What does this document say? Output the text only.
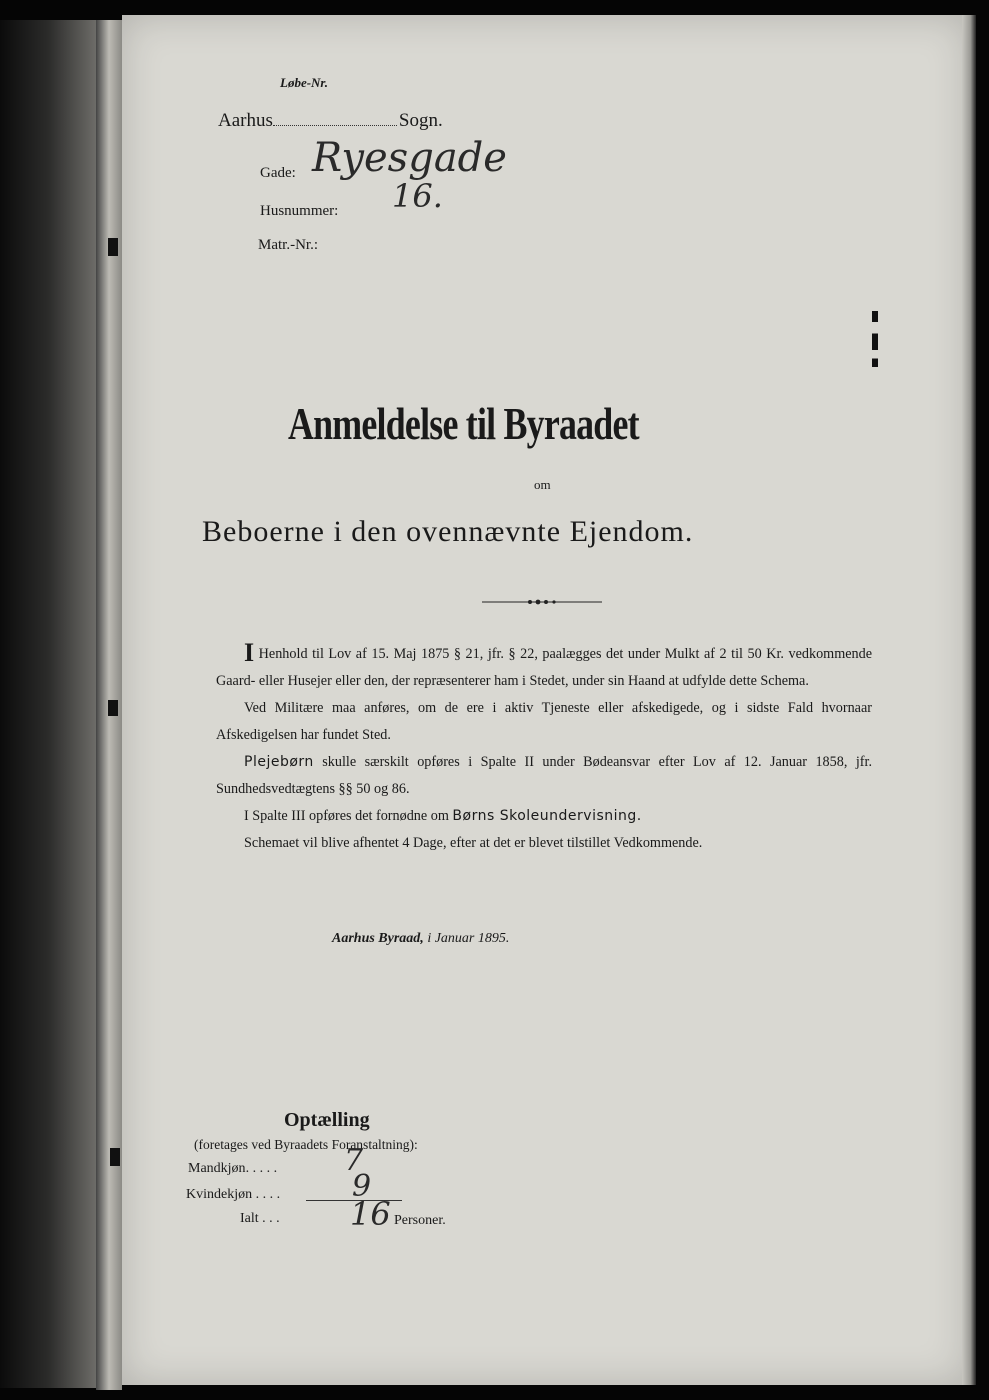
Løbe-Nr.
Aarhus	Sogn.
Gade: Ryesgade
Husnummer: 16.
Matr.-Nr.:
Anmeldelse til Byraadet
om
Beboerne i den ovennævnte Ejendom.
I Henhold til Lov af 15. Maj 1875 § 21, jfr. § 22, paalægges det under Mulkt af 2 til 50 Kr. vedkommende Gaard- eller Husejer eller den, der repræsenterer ham i Stedet, under sin Haand at udfylde dette Schema.
Ved Militære maa anføres, om de ere i aktiv Tjeneste eller afskedigede, og i sidste Fald hvornaar Afskedigelsen har fundet Sted.
Plejebørn skulle særskilt opføres i Spalte II under Bødeansvar efter Lov af 12. Januar 1858, jfr. Sundhedsvedtægtens §§ 50 og 86.
I Spalte III opføres det fornødne om Børns Skoleundervisning.
Schemaet vil blive afhentet 4 Dage, efter at det er blevet tilstillet Vedkommende.
Aarhus Byraad, i Januar 1895.
Optælling
(foretages ved Byraadets Foranstaltning):
Mandkjøn. . . . . 7
Kvindekjøn . . . . 9
Ialt . . . 16 Personer.
